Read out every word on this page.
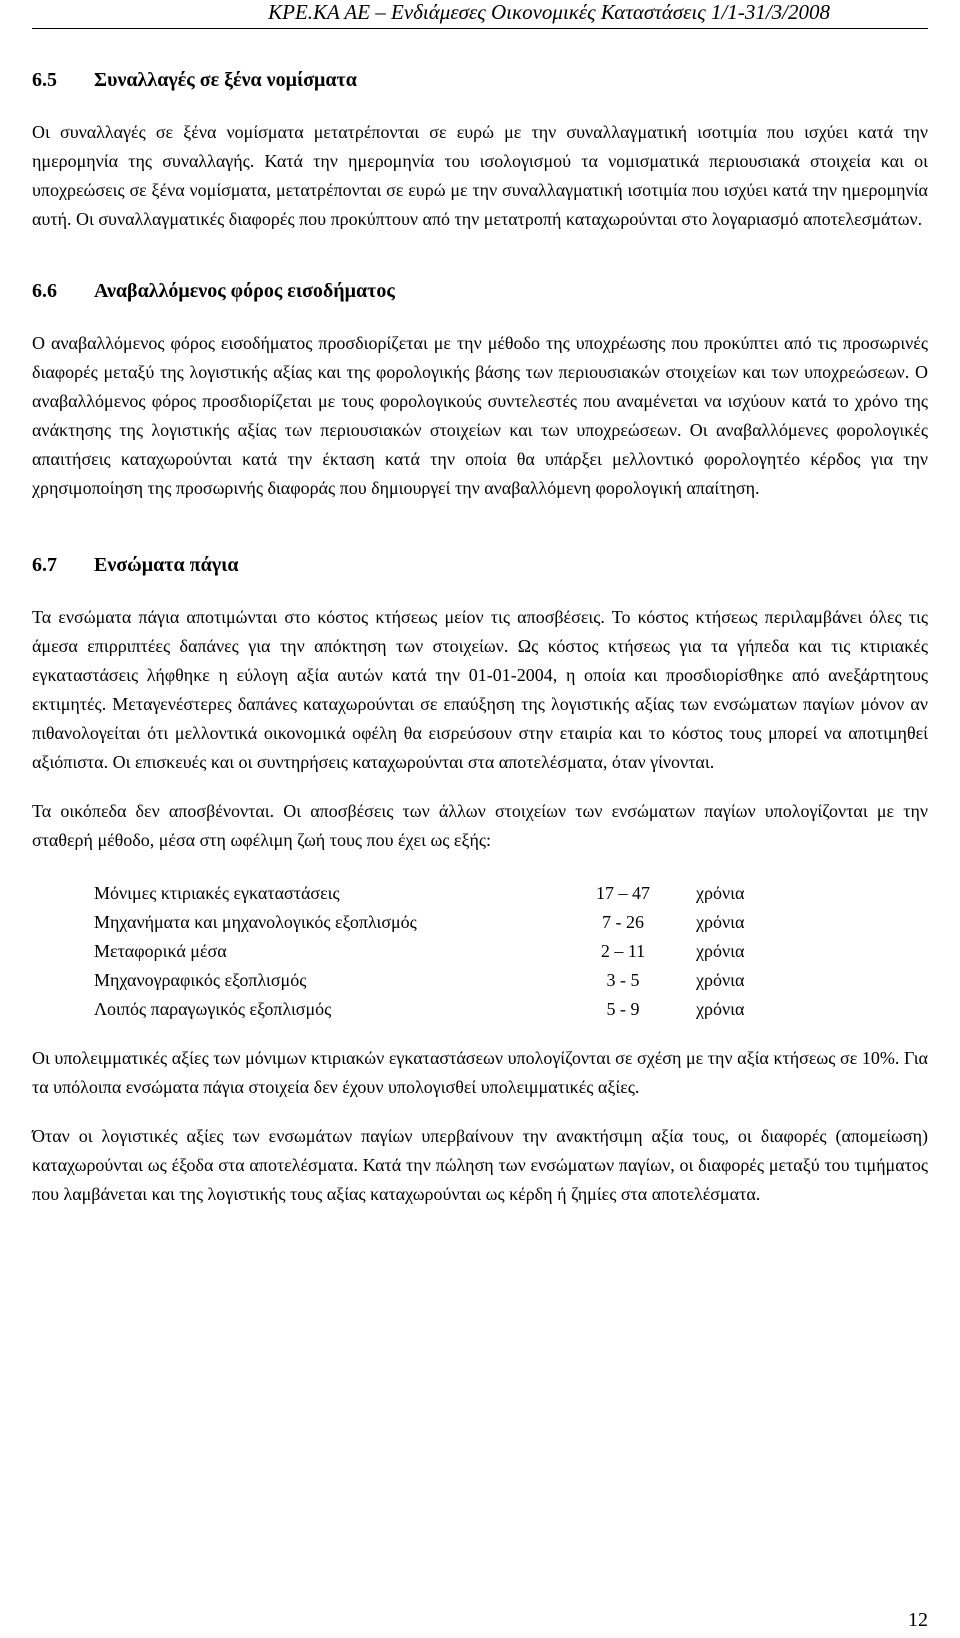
ΚΡΕ.ΚΑ ΑΕ – Ενδιάμεσες Οικονομικές Καταστάσεις 1/1-31/3/2008
6.5	Συναλλαγές σε ξένα νομίσματα

Οι συναλλαγές σε ξένα νομίσματα μετατρέπονται σε ευρώ με την συναλλαγματική ισοτιμία που ισχύει κατά την ημερομηνία της συναλλαγής. Κατά την ημερομηνία του ισολογισμού τα νομισματικά περιουσιακά στοιχεία και οι υποχρεώσεις σε ξένα νομίσματα, μετατρέπονται σε ευρώ με την συναλλαγματική ισοτιμία που ισχύει κατά την ημερομηνία αυτή. Οι συναλλαγματικές διαφορές που προκύπτουν από την μετατροπή καταχωρούνται στο λογαριασμό αποτελεσμάτων.

6.6	Αναβαλλόμενος φόρος εισοδήματος

Ο αναβαλλόμενος φόρος εισοδήματος προσδιορίζεται με την μέθοδο της υποχρέωσης που προκύπτει από τις προσωρινές διαφορές μεταξύ της λογιστικής αξίας και της φορολογικής βάσης των περιουσιακών στοιχείων και των υποχρεώσεων. Ο αναβαλλόμενος φόρος προσδιορίζεται με τους φορολογικούς συντελεστές που αναμένεται να ισχύουν κατά το χρόνο της ανάκτησης της λογιστικής αξίας των περιουσιακών στοιχείων και των υποχρεώσεων. Οι αναβαλλόμενες φορολογικές απαιτήσεις καταχωρούνται κατά την έκταση κατά την οποία θα υπάρξει μελλοντικό φορολογητέο κέρδος για την χρησιμοποίηση της προσωρινής διαφοράς που δημιουργεί την αναβαλλόμενη φορολογική απαίτηση.

6.7	Ενσώματα πάγια

Τα ενσώματα πάγια αποτιμώνται στο κόστος κτήσεως μείον τις αποσβέσεις. Το κόστος κτήσεως περιλαμβάνει όλες τις άμεσα επιρριπτέες δαπάνες για την απόκτηση των στοιχείων. Ως κόστος κτήσεως για τα γήπεδα και τις κτιριακές εγκαταστάσεις λήφθηκε η εύλογη αξία αυτών κατά την 01-01-2004, η οποία και προσδιορίσθηκε από ανεξάρτητους εκτιμητές. Μεταγενέστερες δαπάνες καταχωρούνται σε επαύξηση της λογιστικής αξίας των ενσώματων παγίων μόνον αν πιθανολογείται ότι μελλοντικά οικονομικά οφέλη θα εισρεύσουν στην εταιρία και το κόστος τους μπορεί να αποτιμηθεί αξιόπιστα. Οι επισκευές και οι συντηρήσεις καταχωρούνται στα αποτελέσματα, όταν γίνονται.

Τα οικόπεδα δεν αποσβένονται. Οι αποσβέσεις των άλλων στοιχείων των ενσώματων παγίων υπολογίζονται με την σταθερή μέθοδο, μέσα στη ωφέλιμη ζωή τους που έχει ως εξής:

Μόνιμες κτιριακές εγκαταστάσεις	17 – 47	χρόνια
Μηχανήματα και μηχανολογικός εξοπλισμός	7 - 26	χρόνια
Μεταφορικά μέσα	2 – 11	χρόνια
Μηχανογραφικός εξοπλισμός	3 - 5	χρόνια
Λοιπός παραγωγικός εξοπλισμός	5 - 9	χρόνια

Οι υπολειμματικές αξίες των μόνιμων κτιριακών εγκαταστάσεων υπολογίζονται σε σχέση με την αξία κτήσεως σε 10%. Για τα υπόλοιπα ενσώματα πάγια στοιχεία δεν έχουν υπολογισθεί υπολειμματικές αξίες.

Όταν οι λογιστικές αξίες των ενσωμάτων παγίων υπερβαίνουν την ανακτήσιμη αξία τους, οι διαφορές (απομείωση) καταχωρούνται ως έξοδα στα αποτελέσματα. Κατά την πώληση των ενσώματων παγίων, οι διαφορές μεταξύ του τιμήματος που λαμβάνεται και της λογιστικής τους αξίας καταχωρούνται ως κέρδη ή ζημίες στα αποτελέσματα.

12
